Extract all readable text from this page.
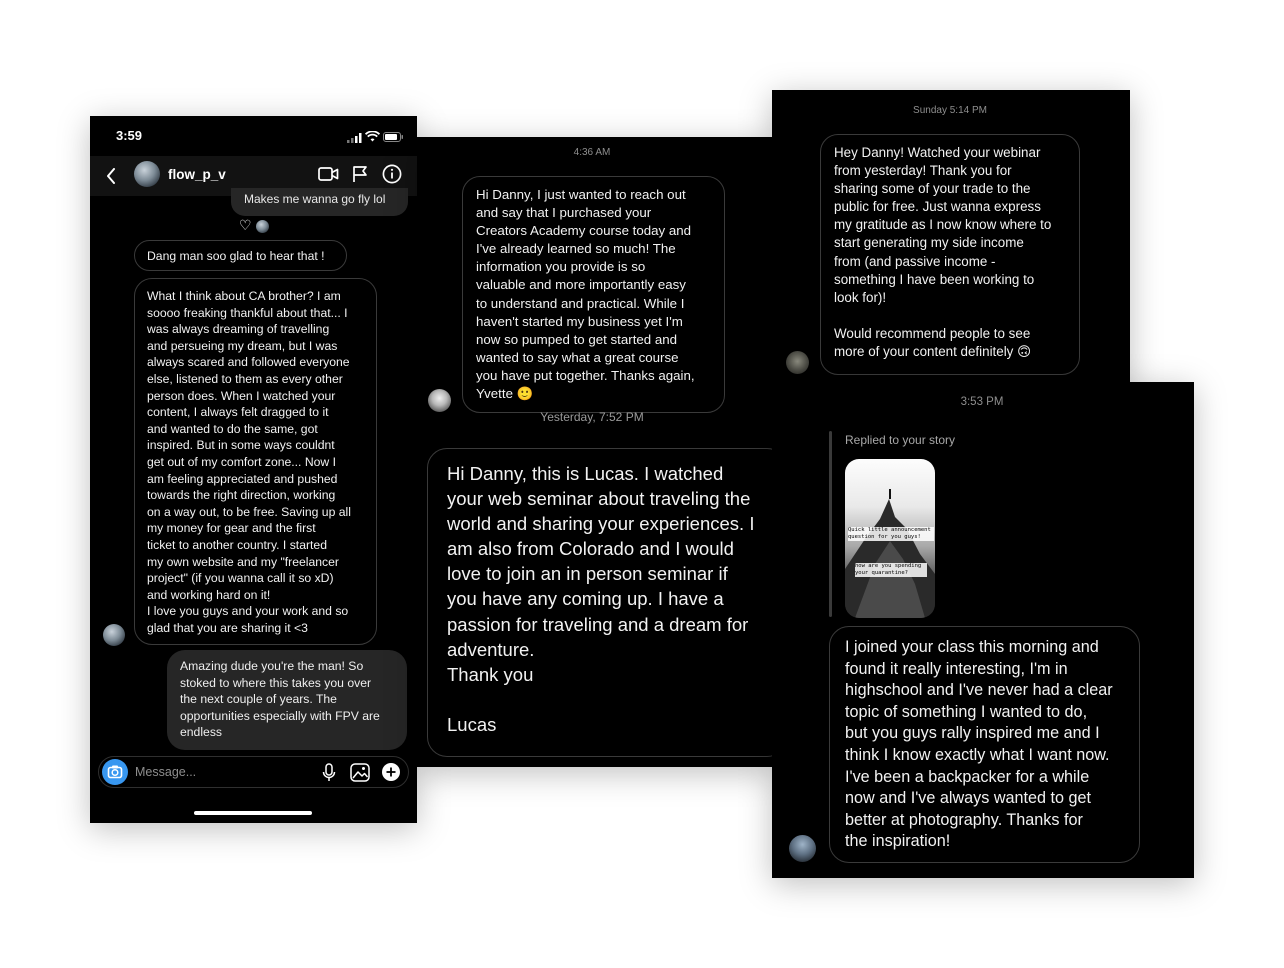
3:59
flow_p_v
Makes me wanna go fly lol
♡
Dang man soo glad to hear that !
What I think about CA brother? I am
soooo freaking thankful about that... I
was always dreaming of travelling
and persueing my dream, but I was
always scared and followed everyone
else, listened to them as every other
person does. When I watched your
content, I always felt dragged to it
and wanted to do the same, got
inspired. But in some ways couldnt
get out of my comfort zone... Now I
am feeling appreciated and pushed
towards the right direction, working
on a way out, to be free. Saving up all
my money for gear and the first
ticket to another country. I started
my own website and my "freelancer
project" (if you wanna call it so xD)
and working hard on it!
I love you guys and your work and so
glad that you are sharing it <3
Amazing dude you're the man! So
stoked to where this takes you over
the next couple of years. The
opportunities especially with FPV are
endless
Message...
4:36 AM
Hi Danny, I just wanted to reach out
and say that I purchased your
Creators Academy course today and
I've already learned so much! The
information you provide is so
valuable and more importantly easy
to understand and practical. While I
haven't started my business yet I'm
now so pumped to get started and
wanted to say what a great course
you have put together. Thanks again,
Yvette 🙂
Yesterday, 7:52 PM
Hi Danny, this is Lucas. I watched
your web seminar about traveling the
world and sharing your experiences. I
am also from Colorado and I would
love to join an in person seminar if
you have any coming up. I have a
passion for traveling and a dream for
adventure.
Thank you

Lucas
Sunday 5:14 PM
Hey Danny! Watched your webinar
from yesterday! Thank you for
sharing some of your trade to the
public for free. Just wanna express
my gratitude as I now know where to
start generating my side income
from (and passive income -
something I have been working to
look for)!

Would recommend people to see
more of your content definitely 🙃
3:53 PM
Replied to your story
Quick little announcement
question for you guys!
how are you spending
your quarantine?
I joined your class this morning and
found it really interesting, I'm in
highschool and I've never had a clear
topic of something I wanted to do,
but you guys rally inspired me and I
think I know exactly what I want now.
I've been a backpacker for a while
now and I've always wanted to get
better at photography. Thanks for
the inspiration!
